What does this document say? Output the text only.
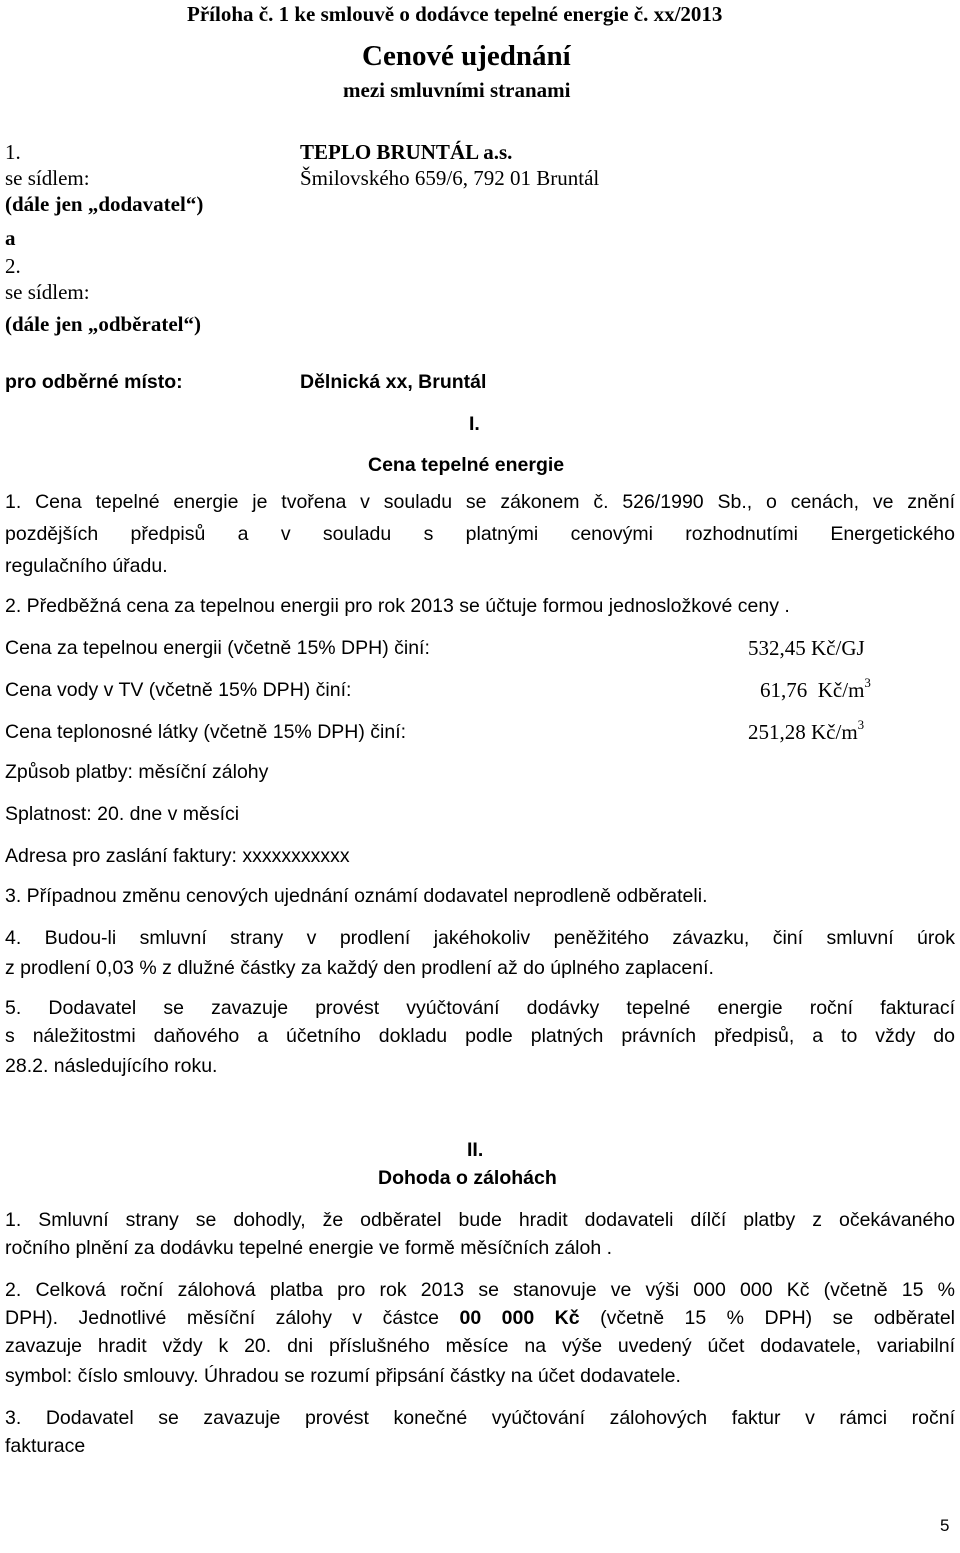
Příloha č. 1 ke smlouvě o dodávce tepelné energie č. xx/2013
Cenové ujednání
mezi smluvními stranami
1.	TEPLO BRUNTÁL a.s.
se sídlem:	Šmilovského 659/6, 792 01 Bruntál
(dále jen „dodavatel“)
a
2.
se sídlem:
(dále jen „odběratel“)
pro odběrné místo:	Dělnická xx, Bruntál
I.
Cena tepelné energie
1. Cena tepelné energie je tvořena v souladu se zákonem č. 526/1990 Sb., o cenách, ve znění
pozdějších předpisů a v souladu s platnými cenovými rozhodnutími Energetického
regulačního úřadu.
2. Předběžná cena za tepelnou energii pro rok 2013 se účtuje formou jednosložkové ceny .
Cena za tepelnou energii (včetně 15% DPH) činí:	532,45 Kč/GJ
Cena vody v TV (včetně 15% DPH) činí:	61,76  $Kč/m^3$
Cena teplonosné látky (včetně 15% DPH) činí:	251,28 $Kč/m^3$
Způsob platby: měsíční zálohy
Splatnost: 20. dne v měsíci
Adresa pro zaslání faktury: xxxxxxxxxxx
3. Případnou změnu cenových ujednání oznámí dodavatel neprodleně odběrateli.
4. Budou-li smluvní strany v prodlení jakéhokoliv peněžitého závazku, činí smluvní úrok
z prodlení 0,03 % z dlužné částky za každý den prodlení až do úplného zaplacení.
5. Dodavatel se zavazuje provést vyúčtování dodávky tepelné energie roční fakturací
s náležitostmi daňového a účetního dokladu podle platných právních předpisů, a to vždy do
28.2. následujícího roku.
II.
Dohoda o zálohách
1. Smluvní strany se dohodly, že odběratel bude hradit dodavateli dílčí platby z očekávaného
ročního plnění za dodávku tepelné energie ve formě měsíčních záloh .
2. Celková roční zálohová platba pro rok 2013 se stanovuje ve výši 000 000 Kč (včetně 15 %
DPH). Jednotlivé měsíční zálohy v částce 00 000 Kč (včetně 15 % DPH) se odběratel
zavazuje hradit vždy k 20. dni příslušného měsíce na výše uvedený účet dodavatele, variabilní
symbol: číslo smlouvy. Úhradou se rozumí připsání částky na účet dodavatele.
3. Dodavatel se zavazuje provést konečné vyúčtování zálohových faktur v rámci roční
fakturace
5
